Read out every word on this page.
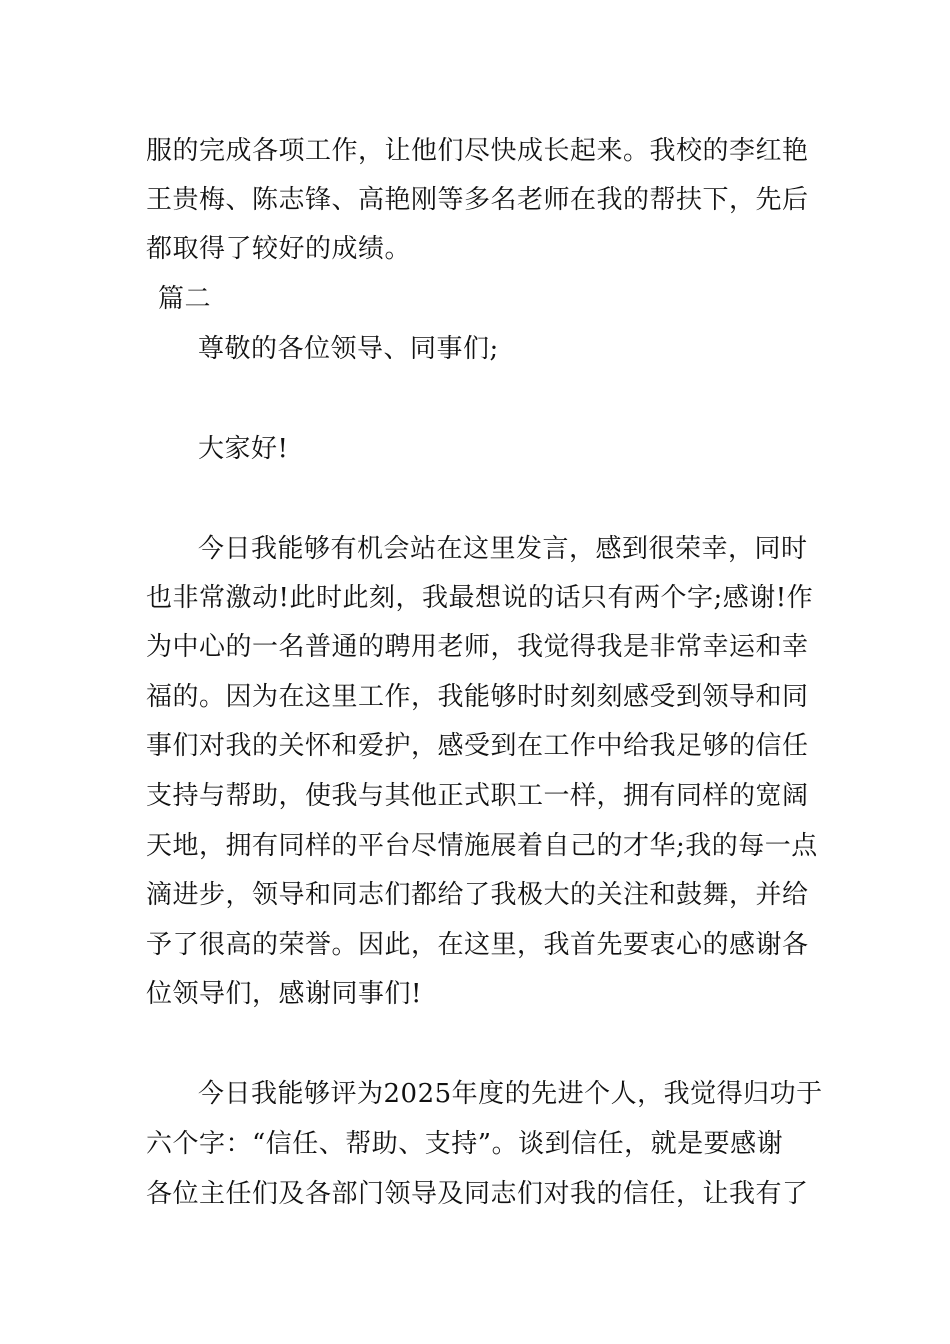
服的完成各项工作，让他们尽快成长起来。我校的李红艳
王贵梅、陈志锋、高艳刚等多名老师在我的帮扶下，先后
都取得了较好的成绩。
篇二
尊敬的各位领导、同事们;
大家好!
今日我能够有机会站在这里发言，感到很荣幸，同时
也非常激动!此时此刻，我最想说的话只有两个字;感谢!作
为中心的一名普通的聘用老师，我觉得我是非常幸运和幸
福的。因为在这里工作，我能够时时刻刻感受到领导和同
事们对我的关怀和爱护，感受到在工作中给我足够的信任
支持与帮助，使我与其他正式职工一样，拥有同样的宽阔
天地，拥有同样的平台尽情施展着自己的才华;我的每一点
滴进步，领导和同志们都给了我极大的关注和鼓舞，并给
予了很高的荣誉。因此，在这里，我首先要衷心的感谢各
位领导们，感谢同事们!
今日我能够评为2025年度的先进个人，我觉得归功于
六个字：“信任、帮助、支持”。谈到信任，就是要感谢
各位主任们及各部门领导及同志们对我的信任，让我有了
